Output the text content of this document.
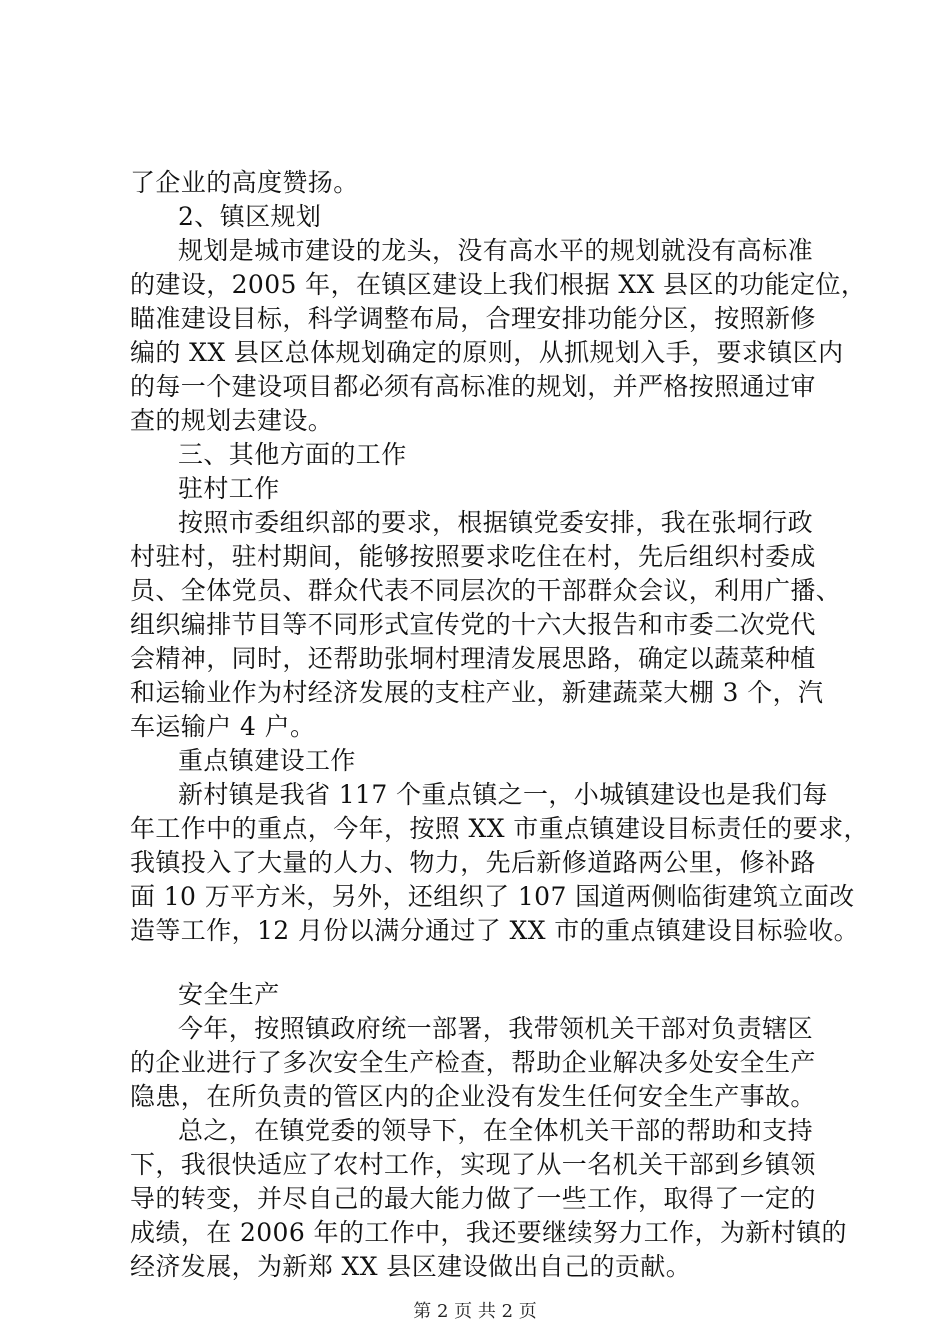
了企业的高度赞扬。
2、镇区规划
规划是城市建设的龙头，没有高水平的规划就没有高标准
的建设，2005 年，在镇区建设上我们根据 XX 县区的功能定位，
瞄准建设目标，科学调整布局，合理安排功能分区，按照新修
编的 XX 县区总体规划确定的原则，从抓规划入手，要求镇区内
的每一个建设项目都必须有高标准的规划，并严格按照通过审
查的规划去建设。
三、其他方面的工作
驻村工作
按照市委组织部的要求，根据镇党委安排，我在张垌行政
村驻村，驻村期间，能够按照要求吃住在村，先后组织村委成
员、全体党员、群众代表不同层次的干部群众会议，利用广播、
组织编排节目等不同形式宣传党的十六大报告和市委二次党代
会精神，同时，还帮助张垌村理清发展思路，确定以蔬菜种植
和运输业作为村经济发展的支柱产业，新建蔬菜大棚 3 个，汽
车运输户 4 户。
重点镇建设工作
新村镇是我省 117 个重点镇之一，小城镇建设也是我们每
年工作中的重点，今年，按照 XX 市重点镇建设目标责任的要求，
我镇投入了大量的人力、物力，先后新修道路两公里，修补路
面 10 万平方米，另外，还组织了 107 国道两侧临街建筑立面改
造等工作，12 月份以满分通过了 XX 市的重点镇建设目标验收。
安全生产
今年，按照镇政府统一部署，我带领机关干部对负责辖区
的企业进行了多次安全生产检查，帮助企业解决多处安全生产
隐患，在所负责的管区内的企业没有发生任何安全生产事故。
总之，在镇党委的领导下，在全体机关干部的帮助和支持
下，我很快适应了农村工作，实现了从一名机关干部到乡镇领
导的转变，并尽自己的最大能力做了一些工作，取得了一定的
成绩，在 2006 年的工作中，我还要继续努力工作，为新村镇的
经济发展，为新郑 XX 县区建设做出自己的贡献。
第 2 页 共 2 页
